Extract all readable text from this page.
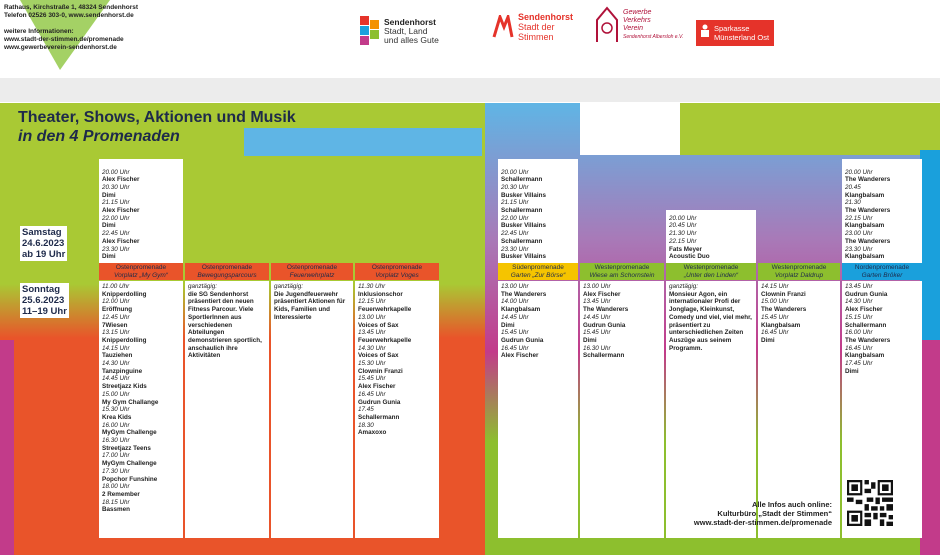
Rathaus, Kirchstraße 1, 48324 Sendenhorst
Telefon 02526 303-0, www.sendenhorst.de
weitere Informationen:
www.stadt-der-stimmen.de/promenade
www.gewerbeverein-sendenhorst.de
Sendenhorst
Stadt, Land
und alles Gute
Sendenhorst
Stadt der
Stimmen
Gewerbe
Verkehrs
Verein
Sendenhorst Albersloh e.V.
Sparkasse
Münsterland Ost
Theater, Shows, Aktionen und Musik
in den 4 Promenaden
Samstag
24.6.2023
ab 19 Uhr
Sonntag
25.6.2023
11–19 Uhr
20.00 Uhr
Alex Fischer
20.30 Uhr
Dimi
21.15 Uhr
Alex Fischer
22.00 Uhr
Dimi
22.45 Uhr
Alex Fischer
23.30 Uhr
Dimi
20.00 Uhr
Schallermann
20.30 Uhr
Busker Villains
21.15 Uhr
Schallermann
22.00 Uhr
Busker Villains
22.45 Uhr
Schallermann
23.30 Uhr
Busker Villains
20.00 Uhr
20.45 Uhr
21.30 Uhr
22.15 Uhr
Fats Meyer
Acoustic Duo
20.00 Uhr
The Wanderers
20.45
Klangbalsam
21.30
The Wanderers
22.15 Uhr
Klangbalsam
23.00 Uhr
The Wanderers
23.30 Uhr
Klangbalsam
Ostenpromenade
Vorplatz „My Gym“
Ostenpromenade
Bewegungsparcours
Ostenpromenade
Feuerwehrplatz
Ostenpromenade
Vorplatz Voges
Südenpromenade
Garten „Zur Börse“
Westenpromenade
Wiese am Schornstein
Westenpromenade
„Unter den Linden“
Westenpromenade
Vorplatz Daldrup
Nordenpromenade
Garten Bröker
11.00 Uhr
Knipperdolling
12.00 Uhr
Eröffnung
12.45 Uhr
7Wiesen
13.15 Uhr
Knipperdolling
14.15 Uhr
Tauziehen
14.30 Uhr
Tanzpinguine
14.45 Uhr
Streetjazz Kids
15.00 Uhr
My Gym Challange
15.30 Uhr
Krea Kids
16.00 Uhr
MyGym Challenge
16.30 Uhr
Streetjazz Teens
17.00 Uhr
MyGym Challenge
17.30 Uhr
Popchor Funshine
18.00 Uhr
2 Remember
18.15 Uhr
Bassmen
ganztägig:
die SG Sendenhorst präsentiert den neuen Fitness Parcour. Viele SportlerInnen aus verschiedenen Abteilungen demonstrieren sportlich, anschaulich ihre Aktivitäten
ganztägig:
Die Jugendfeuerwehr präsentiert Aktionen für Kids, Familien und Interessierte
11.30 Uhr
Inklusionschor
12.15 Uhr
Feuerwehrkapelle
13.00 Uhr
Voices of Sax
13.45 Uhr
Feuerwehrkapelle
14.30 Uhr
Voices of Sax
15.30 Uhr
Clownin Franzi
15.45 Uhr
Alex Fischer
16.45 Uhr
Gudrun Gunia
17.45
Schallermann
18.30
Amaxoxo
13.00 Uhr
The Wanderers
14.00 Uhr
Klangbalsam
14.45 Uhr
Dimi
15.45 Uhr
Gudrun Gunia
16.45 Uhr
Alex Fischer
13.00 Uhr
Alex Fischer
13.45 Uhr
The Wanderers
14.45 Uhr
Gudrun Gunia
15.45 Uhr
Dimi
16.30 Uhr
Schallermann
ganztägig:
Monsieur Agon, ein internationaler Profi der Jonglage, Kleinkunst, Comedy und viel, viel mehr, präsentiert zu unterschiedlichen Zeiten Auszüge aus seinem Programm.
14.15 Uhr
Clownin Franzi
15.00 Uhr
The Wanderers
15.45 Uhr
Klangbalsam
16.45 Uhr
Dimi
13.45 Uhr
Gudrun Gunia
14.30 Uhr
Alex Fischer
15.15 Uhr
Schallermann
16.00 Uhr
The Wanderers
16.45 Uhr
Klangbalsam
17.45 Uhr
Dimi
Alle Infos auch online:
Kulturbüro „Stadt der Stimmen“
www.stadt-der-stimmen.de/promenade
